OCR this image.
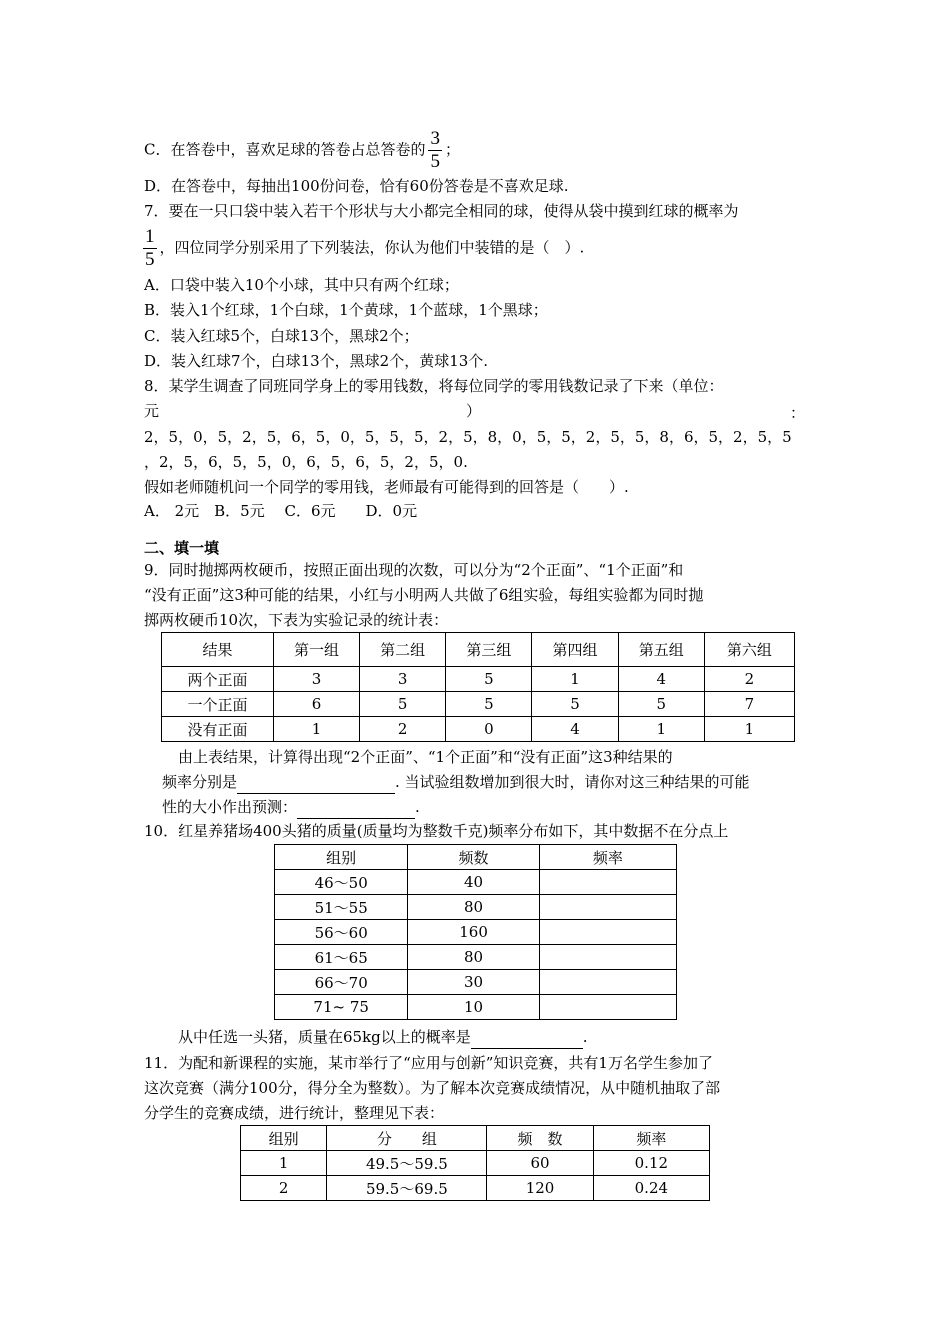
C．在答卷中，喜欢足球的答卷占总答卷的 $\frac{3}{5}$ ；
D．在答卷中，每抽出100份问卷，恰有60份答卷是不喜欢足球.
7．要在一只口袋中装入若干个形状与大小都完全相同的球，使得从袋中摸到红球的概率为
$\frac{1}{5}$ ，四位同学分别采用了下列装法，你认为他们中装错的是（　）.
A．口袋中装入10个小球，其中只有两个红球；
B．装入1个红球，1个白球，1个黄球，1个蓝球，1个黑球；
C．装入红球5个，白球13个，黑球2个；
D．装入红球7个，白球13个，黑球2个，黄球13个.
8．某学生调查了同班同学身上的零用钱数，将每位同学的零用钱数记录了下来（单位：
元	）	：
2，5，0，5，2，5，6，5，0，5，5，5，2，5，8，0，5，5，2，5，5，8，6，5，2，5，5
，2，5，6，5，5，0，6，5，6，5，2，5，0.
假如老师随机问一个同学的零用钱，老师最有可能得到的回答是（　　）.
A． 2元　B．5元　 C．6元　　D．0元
二、填一填
9．同时抛掷两枚硬币，按照正面出现的次数，可以分为“2个正面”、“1个正面”和
“没有正面”这3种可能的结果，小红与小明两人共做了6组实验，每组实验都为同时抛
掷两枚硬币10次，下表为实验记录的统计表：
结果	第一组	第二组	第三组	第四组	第五组	第六组
两个正面	3	3	5	1	4	2
一个正面	6	5	5	5	5	7
没有正面	1	2	0	4	1	1
由上表结果，计算得出现“2个正面”、“1个正面”和“没有正面”这3种结果的
频率分别是	. 当试验组数增加到很大时，请你对这三种结果的可能
性的大小作出预测：	.
10．红星养猪场400头猪的质量(质量均为整数千克)频率分布如下，其中数据不在分点上
组别	频数	频率
46～50	40	
51～55	80	
56～60	160	
61～65	80	
66～70	30	
71~ 75	10	
从中任选一头猪，质量在65kg以上的概率是	.
11．为配和新课程的实施，某市举行了“应用与创新”知识竞赛，共有1万名学生参加了
这次竞赛（满分100分，得分全为整数）。为了解本次竞赛成绩情况，从中随机抽取了部
分学生的竞赛成绩，进行统计，整理见下表：
组别	分　　组	频　数	频率
1	49.5～59.5	60	0.12
2	59.5～69.5	120	0.24
